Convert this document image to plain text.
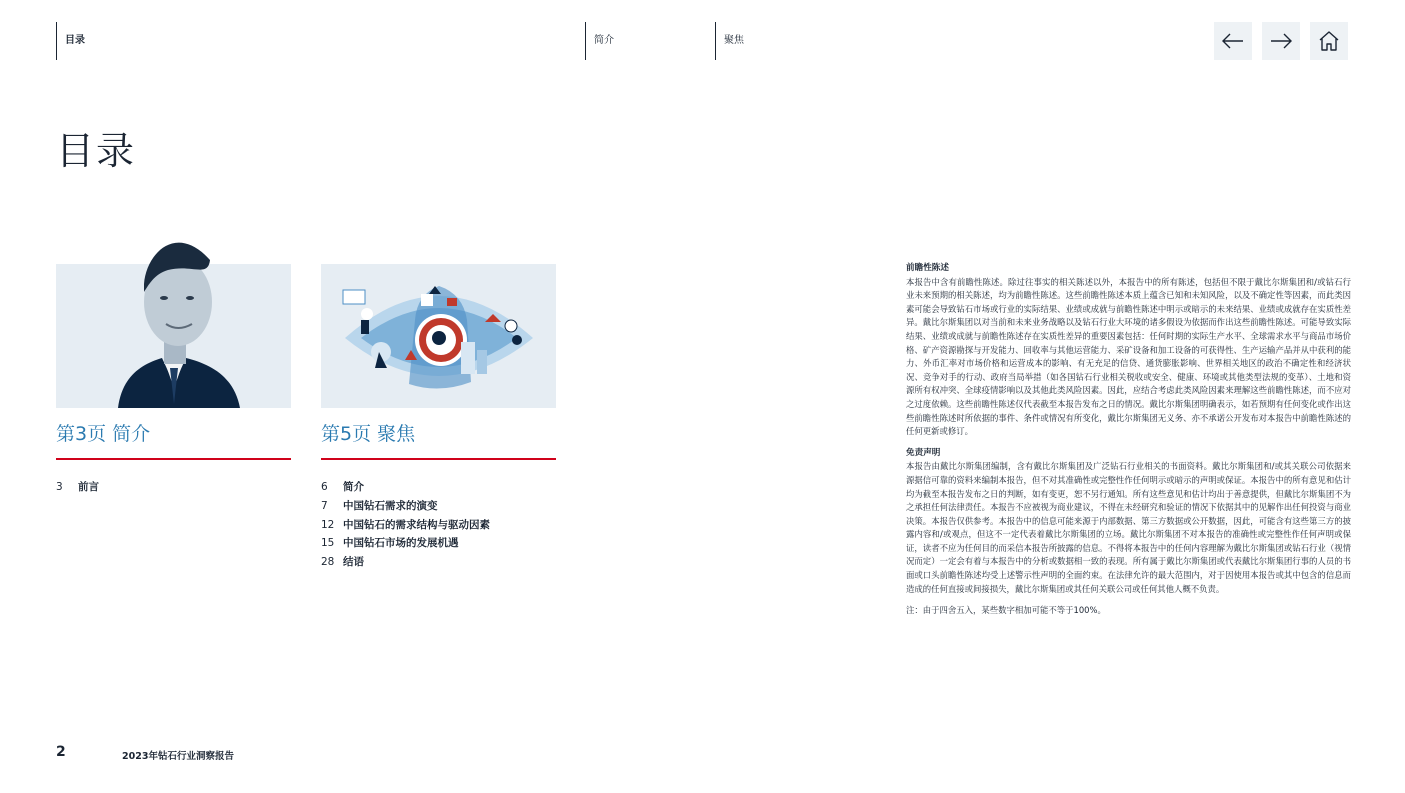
目录	简介	聚焦
目录
第3页 简介
3 前言
第5页 聚焦
6 简介
7 中国钻石需求的演变
12 中国钻石的需求结构与驱动因素
15 中国钻石市场的发展机遇
28 结语
前瞻性陈述

本报告中含有前瞻性陈述。除过往事实的相关陈述以外，本报告中的所有陈述，包括但不限于戴比尔斯集团和/或钻石行业未来预期的相关陈述，均为前瞻性陈述。这些前瞻性陈述本质上蕴含已知和未知风险，以及不确定性等因素，而此类因素可能会导致钻石市场或行业的实际结果、业绩或成就与前瞻性陈述中明示或暗示的未来结果、业绩或成就存在实质性差异。戴比尔斯集团以对当前和未来业务战略以及钻石行业大环境的诸多假设为依据而作出这些前瞻性陈述。可能导致实际结果、业绩或成就与前瞻性陈述存在实质性差异的重要因素包括：任何时期的实际生产水平、全球需求水平与商品市场价格、矿产资源勘探与开发能力、回收率与其他运营能力、采矿设备和加工设备的可获得性、生产运输产品并从中获利的能力、外币汇率对市场价格和运营成本的影响、有无充足的信贷、通货膨胀影响、世界相关地区的政治不确定性和经济状况、竞争对手的行动、政府当局举措（如各国钻石行业相关税收或安全、健康、环境或其他类型法规的变革）、土地和资源所有权冲突、全球疫情影响以及其他此类风险因素。因此，应结合考虑此类风险因素来理解这些前瞻性陈述，而不应对之过度依赖。这些前瞻性陈述仅代表截至本报告发布之日的情况。戴比尔斯集团明确表示，如若预期有任何变化或作出这些前瞻性陈述时所依据的事件、条件或情况有所变化，戴比尔斯集团无义务、亦不承诺公开发布对本报告中前瞻性陈述的任何更新或修订。

免责声明

本报告由戴比尔斯集团编制，含有戴比尔斯集团及广泛钻石行业相关的书面资料。戴比尔斯集团和/或其关联公司依据来源据信可靠的资料来编制本报告，但不对其准确性或完整性作任何明示或暗示的声明或保证。本报告中的所有意见和估计均为截至本报告发布之日的判断，如有变更，恕不另行通知。所有这些意见和估计均出于善意提供，但戴比尔斯集团不为之承担任何法律责任。本报告不应被视为商业建议，不得在未经研究和验证的情况下依据其中的见解作出任何投资与商业决策。本报告仅供参考。本报告中的信息可能来源于内部数据、第三方数据或公开数据，因此，可能含有这些第三方的披露内容和/或观点，但这不一定代表着戴比尔斯集团的立场。戴比尔斯集团不对本报告的准确性或完整性作任何声明或保证，读者不应为任何目的而采信本报告所披露的信息。不得将本报告中的任何内容理解为戴比尔斯集团或钻石行业（视情况而定）一定会有着与本报告中的分析或数据相一致的表现。所有属于戴比尔斯集团或代表戴比尔斯集团行事的人员的书面或口头前瞻性陈述均受上述警示性声明的全面约束。在法律允许的最大范围内，对于因使用本报告或其中包含的信息而造成的任何直接或间接损失，戴比尔斯集团或其任何关联公司或任何其他人概不负责。

注：由于四舍五入，某些数字相加可能不等于100%。

2	2023年钻石行业洞察报告
